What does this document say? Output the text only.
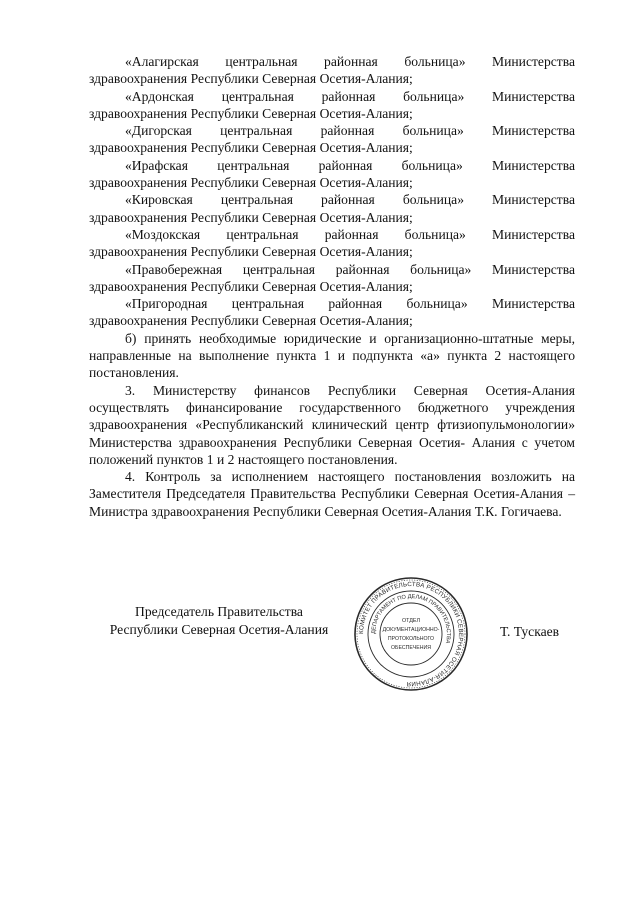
«Алагирская центральная районная больница» Министерства

здравоохранения Республики Северная Осетия-Алания;

«Ардонская центральная районная больница» Министерства

здравоохранения Республики Северная Осетия-Алания;

«Дигорская центральная районная больница» Министерства

здравоохранения Республики Северная Осетия-Алания;

«Ирафская центральная районная больница» Министерства

здравоохранения Республики Северная Осетия-Алания;

«Кировская центральная районная больница» Министерства

здравоохранения Республики Северная Осетия-Алания;

«Моздокская центральная районная больница» Министерства

здравоохранения Республики Северная Осетия-Алания;

«Правобережная центральная районная больница» Министерства

здравоохранения Республики Северная Осетия-Алания;

«Пригородная центральная районная больница» Министерства

здравоохранения Республики Северная Осетия-Алания;

б) принять необходимые юридические и организационно-штатные меры, направленные на выполнение пункта 1 и подпункта «а» пункта 2 настоящего постановления.

3. Министерству финансов Республики Северная Осетия-Алания осуществлять финансирование государственного бюджетного учреждения здравоохранения «Республиканский клинический центр фтизиопульмонологии» Министерства здравоохранения Республики Северная Осетия- Алания с учетом положений пунктов 1 и 2 настоящего постановления.

4. Контроль за исполнением настоящего постановления возложить на Заместителя Председателя Правительства Республики Северная Осетия-Алания – Министра здравоохранения Республики Северная Осетия-Алания Т.К. Гогичаева.

Председатель Правительства
Республики Северная Осетия-Алания	КОМИТЕТ ПРАВИТЕЛЬСТВА РЕСПУБЛИКИ СЕВЕРНАЯ ОСЕТИЯ-АЛАНИЯ
ДЕПАРТАМЕНТ ПО ДЕЛАМ ПРАВИТЕЛЬСТВА
ОТДЕЛ
ДОКУМЕНТАЦИОННО-
ПРОТОКОЛЬНОГО
ОБЕСПЕЧЕНИЯ
Т. Тускаев
